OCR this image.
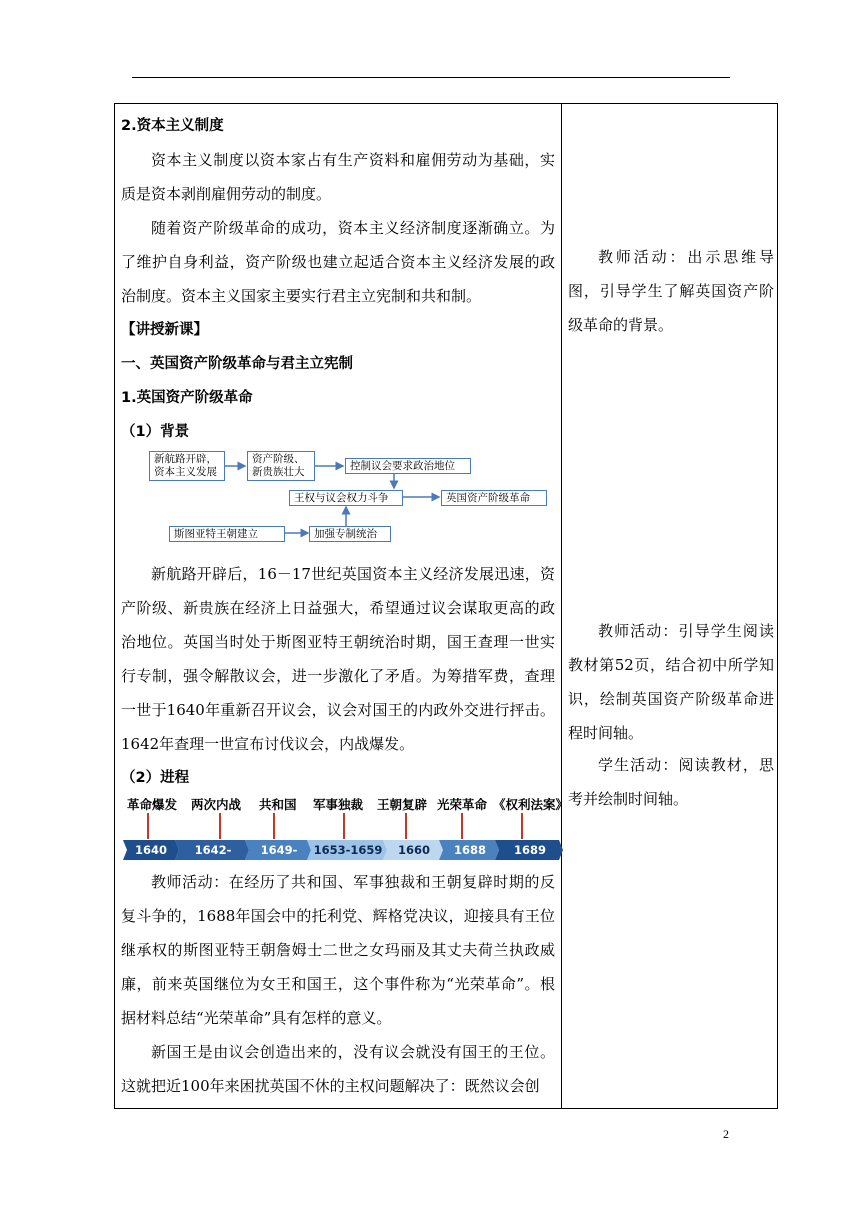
2.资本主义制度

资本主义制度以资本家占有生产资料和雇佣劳动为基础，实质是资本剥削雇佣劳动的制度。

随着资产阶级革命的成功，资本主义经济制度逐渐确立。为了维护自身利益，资产阶级也建立起适合资本主义经济发展的政治制度。资本主义国家主要实行君主立宪制和共和制。

【讲授新课】

一、英国资产阶级革命与君主立宪制

1.英国资产阶级革命

（1）背景

新航路开辟，
资本主义发展
资产阶级、
新贵族壮大	控制议会要求政治地位
王权与议会权力斗争	英国资产阶级革命
斯图亚特王朝建立	加强专制统治

新航路开辟后，16－17世纪英国资本主义经济发展迅速，资产阶级、新贵族在经济上日益强大，希望通过议会谋取更高的政治地位。英国当时处于斯图亚特王朝统治时期，国王查理一世实行专制，强令解散议会，进一步激化了矛盾。为筹措军费，查理一世于1640年重新召开议会，议会对国王的内政外交进行抨击。1642年查理一世宣布讨伐议会，内战爆发。

（2）进程

革命爆发 两次内战 共和国 军事独裁 王朝复辟 光荣革命 《权利法案》
1640	1642-1649
1649-1653
1653-1659	1660	1688	1689

教师活动：在经历了共和国、军事独裁和王朝复辟时期的反复斗争的，1688年国会中的托利党、辉格党决议，迎接具有王位继承权的斯图亚特王朝詹姆士二世之女玛丽及其丈夫荷兰执政威廉，前来英国继位为女王和国王，这个事件称为“光荣革命”。根据材料总结“光荣革命”具有怎样的意义。

新国王是由议会创造出来的，没有议会就没有国王的王位。这就把近100年来困扰英国不休的主权问题解决了：既然议会创

教师活动：出示思维导图，引导学生了解英国资产阶级革命的背景。

教师活动：引导学生阅读教材第52页，结合初中所学知识，绘制英国资产阶级革命进程时间轴。

学生活动：阅读教材，思考并绘制时间轴。

2
